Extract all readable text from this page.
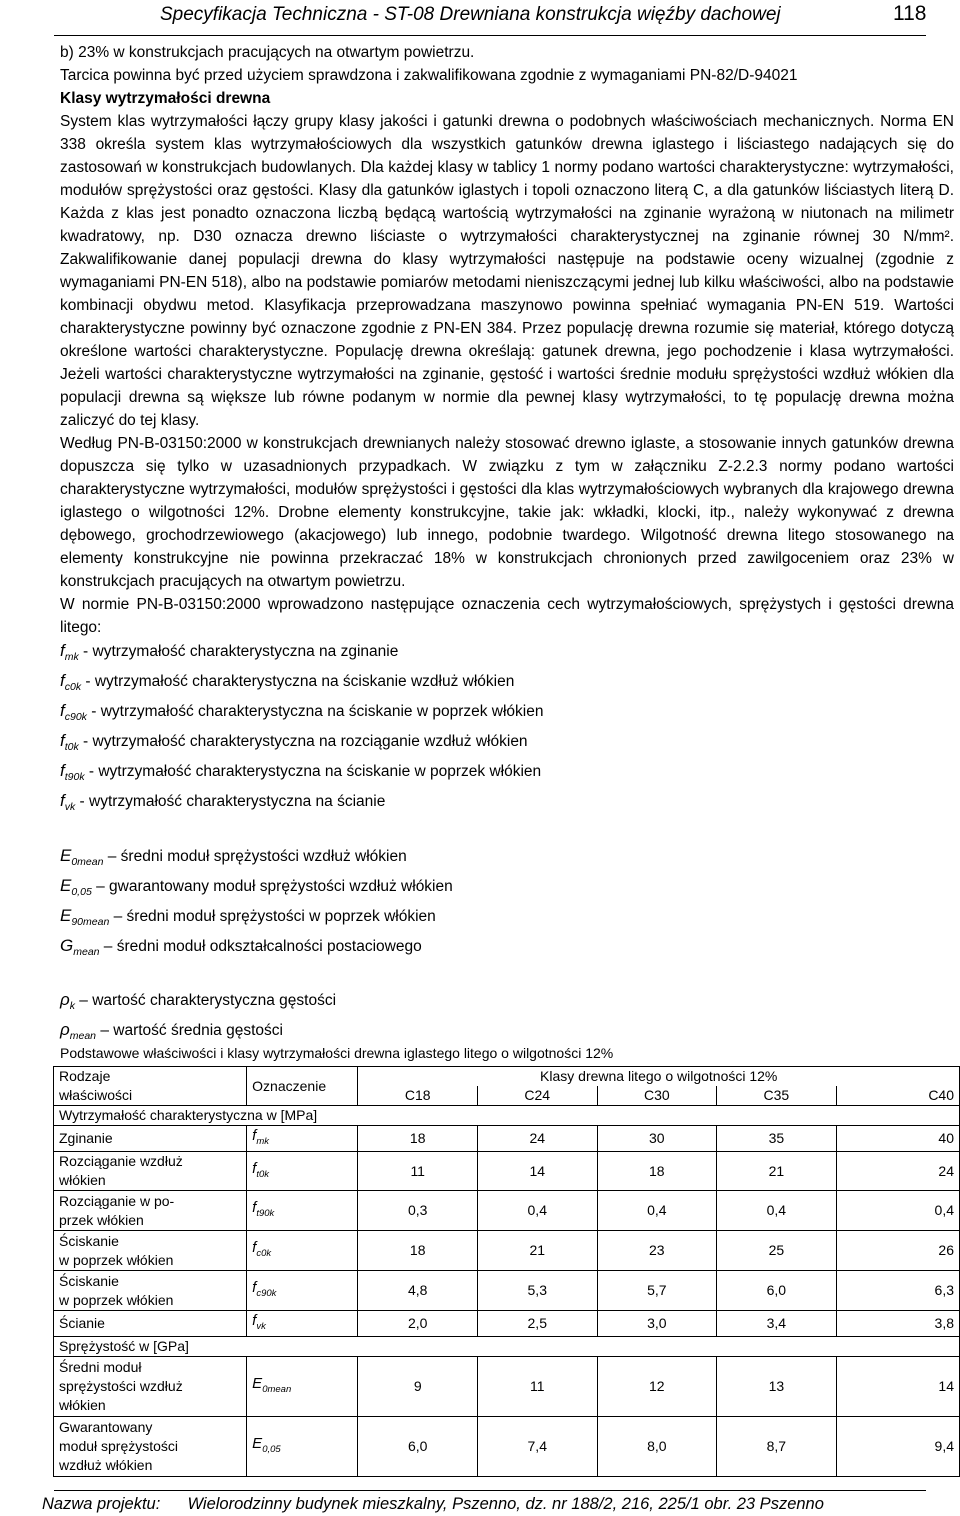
Specyfikacja Techniczna - ST-08 Drewniana konstrukcja więźby dachowej	118

b) 23% w konstrukcjach pracujących na otwartym powietrzu.

Tarcica powinna być przed użyciem sprawdzona i zakwalifikowana zgodnie z wymaganiami PN-82/D-94021

Klasy wytrzymałości drewna

System klas wytrzymałości łączy grupy klasy jakości i gatunki drewna o podobnych właściwościach mechanicznych. Norma EN 338 określa system klas wytrzymałościowych dla wszystkich gatunków drewna iglastego i liściastego nadających się do zastosowań w konstrukcjach budowlanych. Dla każdej klasy w tablicy 1 normy podano wartości charakterystyczne: wytrzymałości, modułów sprężystości oraz gęstości. Klasy dla gatunków iglastych i topoli oznaczono literą C, a dla gatunków liściastych literą D. Każda z klas jest ponadto oznaczona liczbą będącą wartością wytrzymałości na zginanie wyrażoną w niutonach na milimetr kwadratowy, np. D30 oznacza drewno liściaste o wytrzymałości charakterystycznej na zginanie równej 30 N/mm². Zakwalifikowanie danej populacji drewna do klasy wytrzymałości następuje na podstawie oceny wizualnej (zgodnie z wymaganiami PN-EN 518), albo na podstawie pomiarów metodami nieniszczącymi jednej lub kilku właściwości, albo na podstawie kombinacji obydwu metod. Klasyfikacja przeprowadzana maszynowo powinna spełniać wymagania PN-EN 519. Wartości charakterystyczne powinny być oznaczone zgodnie z PN-EN 384. Przez populację drewna rozumie się materiał, którego dotyczą określone wartości charakterystyczne. Populację drewna określają: gatunek drewna, jego pochodzenie i klasa wytrzymałości. Jeżeli wartości charakterystyczne wytrzymałości na zginanie, gęstość i wartości średnie modułu sprężystości wzdłuż włókien dla populacji drewna są większe lub równe podanym w normie dla pewnej klasy wytrzymałości, to tę populację drewna można zaliczyć do tej klasy.

Według PN-B-03150:2000 w konstrukcjach drewnianych należy stosować drewno iglaste, a stosowanie innych gatunków drewna dopuszcza się tylko w uzasadnionych przypadkach. W związku z tym w załączniku Z-2.2.3 normy podano wartości charakterystyczne wytrzymałości, modułów sprężystości i gęstości dla klas wytrzymałościowych wybranych dla krajowego drewna iglastego o wilgotności 12%. Drobne elementy konstrukcyjne, takie jak: wkładki, klocki, itp., należy wykonywać z drewna dębowego, grochodrzewiowego (akacjowego) lub innego, podobnie twardego. Wilgotność drewna litego stosowanego na elementy konstrukcyjne nie powinna przekraczać 18% w konstrukcjach chronionych przed zawilgoceniem oraz 23% w konstrukcjach pracujących na otwartym powietrzu.

W normie PN-B-03150:2000 wprowadzono następujące oznaczenia cech wytrzymałościowych, sprężystych i gęstości drewna litego:

$f_{mk}$ - wytrzymałość charakterystyczna na zginanie

$f_{c0k}$ - wytrzymałość charakterystyczna na ściskanie wzdłuż włókien

$f_{c90k}$ - wytrzymałość charakterystyczna na ściskanie w poprzek włókien

$f_{t0k}$ - wytrzymałość charakterystyczna na rozciąganie wzdłuż włókien

$f_{t90k}$ - wytrzymałość charakterystyczna na ściskanie w poprzek włókien

$f_{vk}$ - wytrzymałość charakterystyczna na ścianie

$E_{0mean}$ – średni moduł sprężystości wzdłuż włókien

$E_{0,05}$ – gwarantowany moduł sprężystości wzdłuż włókien

$E_{90mean}$ – średni moduł sprężystości w poprzek włókien

$G_{mean}$ – średni moduł odkształcalności postaciowego

$\rho_k$ – wartość charakterystyczna gęstości

$\rho_{mean}$ – wartość średnia gęstości

Podstawowe właściwości i klasy wytrzymałości drewna iglastego litego o wilgotności 12%
Rodzaje
właściwości	Oznaczenie	Klasy drewna litego o wilgotności 12%				
		C18	C24	C30	C35	C40
Wytrzymałość charakterystyczna w [MPa]						
Zginanie	$f_{mk}$	18	24	30	35	40
Rozciąganie wzdłuż
włókien	$f_{t0k}$	11	14	18	21	24
Rozciąganie w po-
przek włókien	$f_{t90k}$	0,3	0,4	0,4	0,4	0,4
Ściskanie
w poprzek włókien	$f_{c0k}$	18	21	23	25	26
Ściskanie
w poprzek włókien	$f_{c90k}$	4,8	5,3	5,7	6,0	6,3
Ścianie	$f_{vk}$	2,0	2,5	3,0	3,4	3,8
Sprężystość w [GPa]						
Średni moduł
sprężystości wzdłuż
włókien	$E_{0mean}$	9	11	12	13	14
Gwarantowany
moduł sprężystości
wzdłuż włókien	$E_{0,05}$	6,0	7,4	8,0	8,7	9,4
Nazwa projektu: Wielorodzinny budynek mieszkalny, Pszenno, dz. nr 188/2, 216, 225/1 obr. 23 Pszenno
